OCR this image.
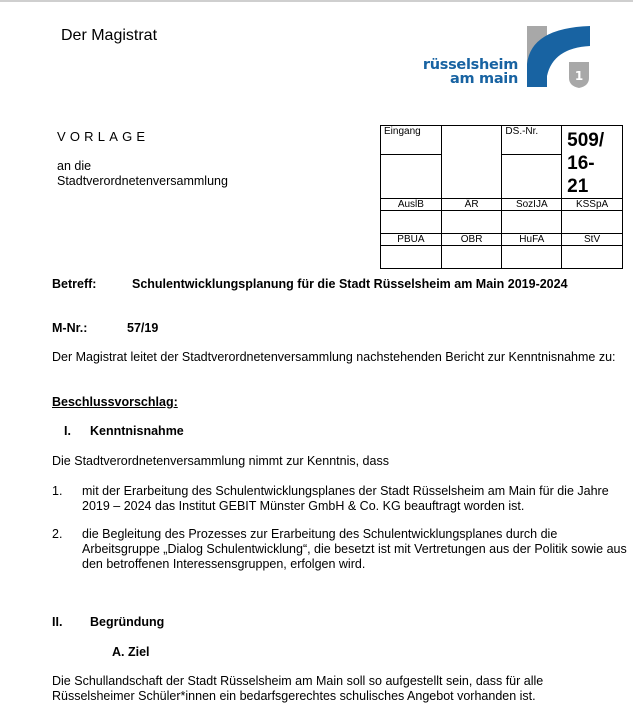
Der Magistrat
rüsselsheim
am main	1
VORLAGE
an die
Stadtverordnetenversammlung
Eingang		DS.-Nr.	509/
16-
21

AuslB	ÄR	SozIJA	KSSpA

PBUA	OBR	HuFA	StV

Betreff:	Schulentwicklungsplanung für die Stadt Rüsselsheim am Main 2019-2024
M-Nr.:	57/19
Der Magistrat leitet der Stadtverordnetenversammlung nachstehenden Bericht zur Kenntnisnahme zu:
Beschlussvorschlag:
I. Kenntnisnahme
Die Stadtverordnetenversammlung nimmt zur Kenntnis, dass
1. mit der Erarbeitung des Schulentwicklungsplanes der Stadt Rüsselsheim am Main für die Jahre 2019 – 2024 das Institut GEBIT Münster GmbH & Co. KG beauftragt worden ist.
2. die Begleitung des Prozesses zur Erarbeitung des Schulentwicklungsplanes durch die Arbeitsgruppe „Dialog Schulentwicklung“, die besetzt ist mit Vertretungen aus der Politik sowie aus den betroffenen Interessensgruppen, erfolgen wird.
II. Begründung
A. Ziel
Die Schullandschaft der Stadt Rüsselsheim am Main soll so aufgestellt sein, dass für alle Rüsselsheimer Schüler*innen ein bedarfsgerechtes schulisches Angebot vorhanden ist.
